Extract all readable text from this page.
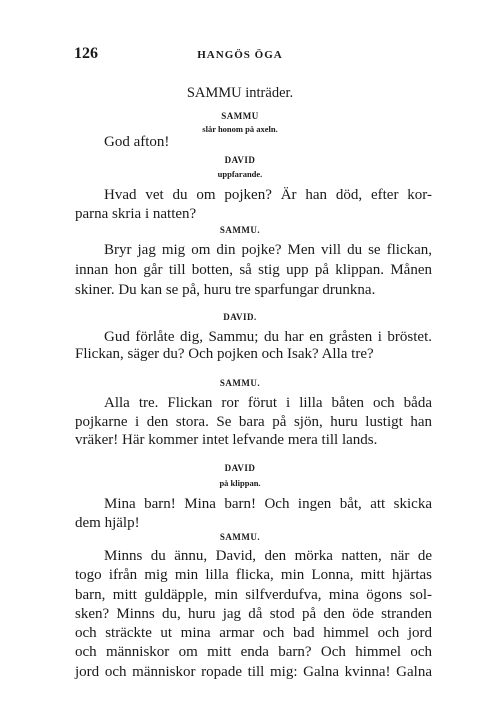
126	HANGÖS ÖGA
SAMMU inträder.
SAMMU
slår honom på axeln.
God afton!
DAVID
uppfarande.
Hvad vet du om pojken? Är han död, efter kor-
parna skria i natten?
SAMMU.
Bryr jag mig om din pojke? Men vill du se flickan,
innan hon går till botten, så stig upp på klippan. Månen
skiner. Du kan se på, huru tre sparfungar drunkna.
DAVID.
Gud förlåte dig, Sammu; du har en gråsten i bröstet.
Flickan, säger du? Och pojken och Isak? Alla tre?
SAMMU.
Alla tre. Flickan ror förut i lilla båten och båda
pojkarne i den stora. Se bara på sjön, huru lustigt han
vräker! Här kommer intet lefvande mera till lands.
DAVID
på klippan.
Mina barn! Mina barn! Och ingen båt, att skicka
dem hjälp!
SAMMU.
Minns du ännu, David, den mörka natten, när de
togo ifrån mig min lilla flicka, min Lonna, mitt hjärtas
barn, mitt guldäpple, min silfverdufva, mina ögons sol-
sken? Minns du, huru jag då stod på den öde stranden
och sträckte ut mina armar och bad himmel och jord
och människor om mitt enda barn? Och himmel och
jord och människor ropade till mig: Galna kvinna! Galna
